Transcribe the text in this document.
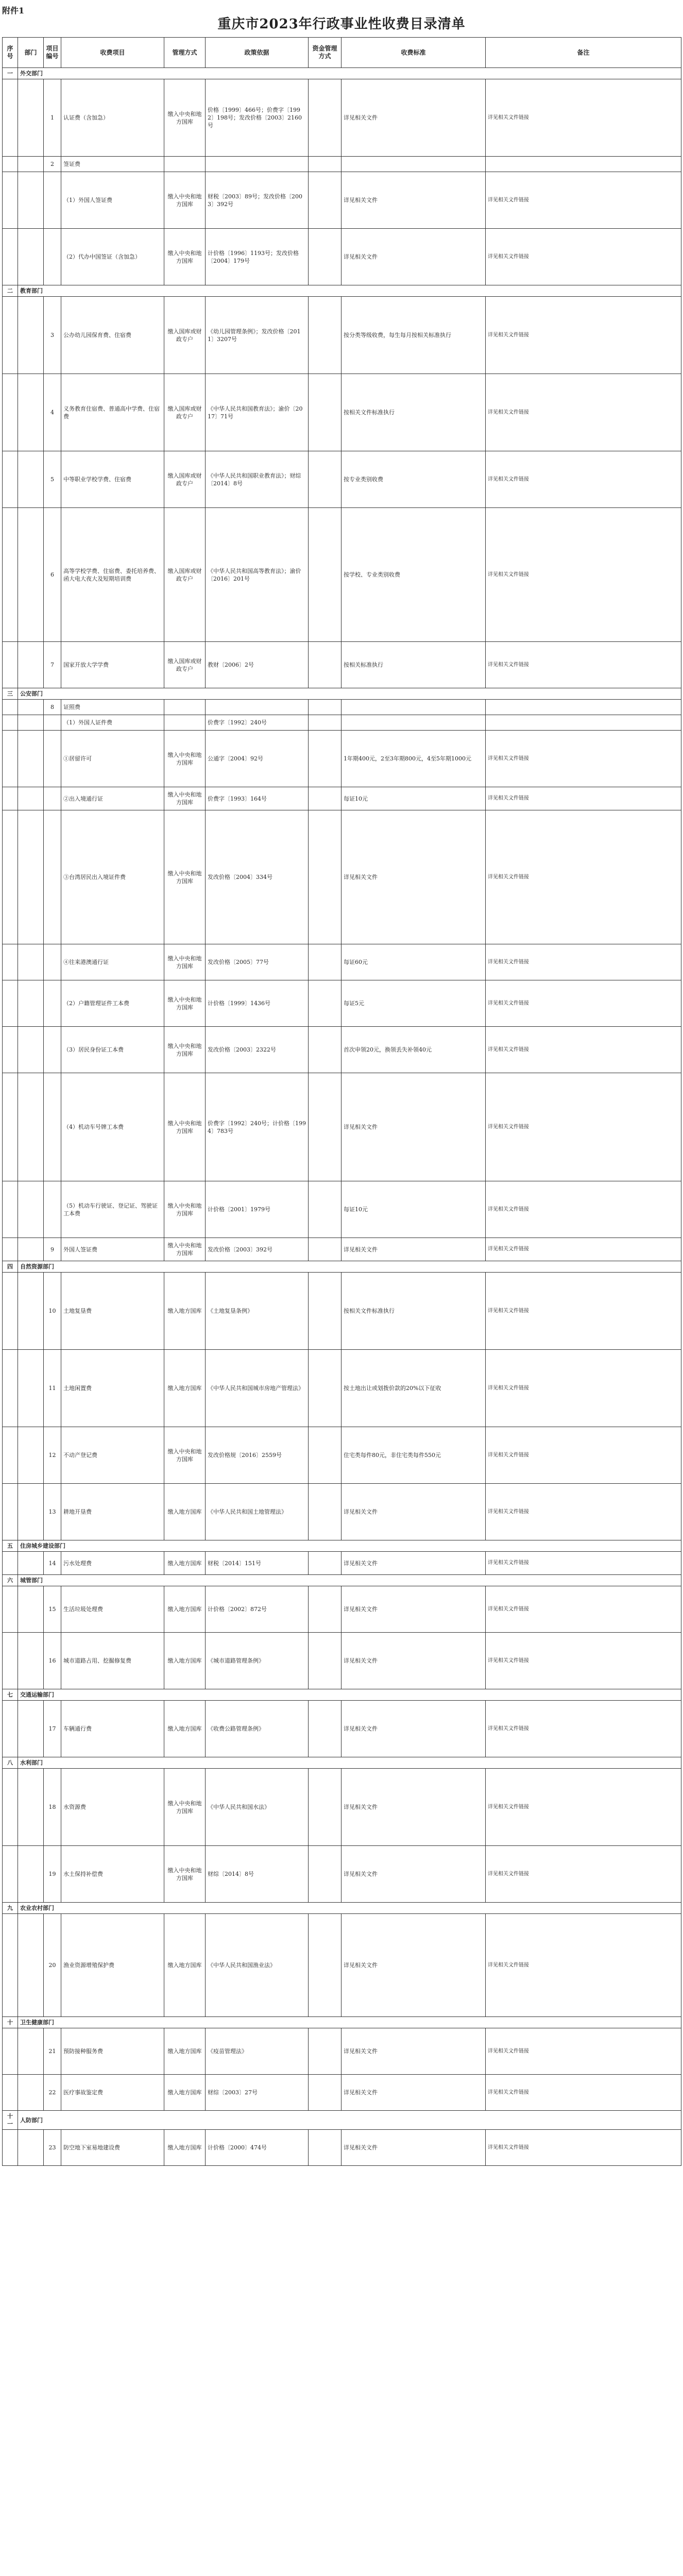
附件1
重庆市2023年行政事业性收费目录清单
序号	部门	项目编号	收费项目	管理方式	政策依据	资金管理方式	收费标准	备注
一	外交部门							
		1	认证费（含加急）	缴入中央和地方国库	价格〔1999〕466号；价费字〔1992〕198号；发改价格〔2003〕2160号		详见相关文件	详见相关文件链接
		2	签证费					
			（1）外国人签证费	缴入中央和地方国库	财税〔2003〕89号；发改价格〔2003〕392号		详见相关文件	详见相关文件链接
			（2）代办中国签证（含加急）	缴入中央和地方国库	计价格〔1996〕1193号；发改价格〔2004〕179号		详见相关文件	详见相关文件链接
二	教育部门							
		3	公办幼儿园保育费、住宿费	缴入国库或财政专户	《幼儿园管理条例》；发改价格〔2011〕3207号		按分类等级收费，每生每月按相关标准执行	详见相关文件链接
		4	义务教育住宿费、普通高中学费、住宿费	缴入国库或财政专户	《中华人民共和国教育法》；渝价〔2017〕71号		按相关文件标准执行	详见相关文件链接
		5	中等职业学校学费、住宿费	缴入国库或财政专户	《中华人民共和国职业教育法》；财综〔2014〕8号		按专业类别收费	详见相关文件链接
		6	高等学校学费、住宿费、委托培养费、函大电大夜大及短期培训费	缴入国库或财政专户	《中华人民共和国高等教育法》；渝价〔2016〕201号		按学校、专业类别收费	详见相关文件链接
		7	国家开放大学学费	缴入国库或财政专户	教财〔2006〕2号		按相关标准执行	详见相关文件链接
三	公安部门							
		8	证照费					
			（1）外国人证件费		价费字〔1992〕240号			
			①居留许可	缴入中央和地方国库	公通字〔2004〕92号		1年期400元，2至3年期800元，4至5年期1000元	详见相关文件链接
			②出入境通行证	缴入中央和地方国库	价费字〔1993〕164号		每证10元	详见相关文件链接
			③台湾居民出入境证件费	缴入中央和地方国库	发改价格〔2004〕334号		详见相关文件	详见相关文件链接
			④往来港澳通行证	缴入中央和地方国库	发改价格〔2005〕77号		每证60元	详见相关文件链接
			（2）户籍管理证件工本费	缴入中央和地方国库	计价格〔1999〕1436号		每证5元	详见相关文件链接
			（3）居民身份证工本费	缴入中央和地方国库	发改价格〔2003〕2322号		首次申领20元，换领丢失补领40元	详见相关文件链接
			（4）机动车号牌工本费	缴入中央和地方国库	价费字〔1992〕240号；计价格〔1994〕783号		详见相关文件	详见相关文件链接
			（5）机动车行驶证、登记证、驾驶证工本费	缴入中央和地方国库	计价格〔2001〕1979号		每证10元	详见相关文件链接
		9	外国人签证费	缴入中央和地方国库	发改价格〔2003〕392号		详见相关文件	详见相关文件链接
四	自然资源部门							
		10	土地复垦费	缴入地方国库	《土地复垦条例》		按相关文件标准执行	详见相关文件链接
		11	土地闲置费	缴入地方国库	《中华人民共和国城市房地产管理法》		按土地出让或划拨价款的20%以下征收	详见相关文件链接
		12	不动产登记费	缴入中央和地方国库	发改价格规〔2016〕2559号		住宅类每件80元，非住宅类每件550元	详见相关文件链接
		13	耕地开垦费	缴入地方国库	《中华人民共和国土地管理法》		详见相关文件	详见相关文件链接
五	住房城乡建设部门							
		14	污水处理费	缴入地方国库	财税〔2014〕151号		详见相关文件	详见相关文件链接
六	城管部门							
		15	生活垃圾处理费	缴入地方国库	计价格〔2002〕872号		详见相关文件	详见相关文件链接
		16	城市道路占用、挖掘修复费	缴入地方国库	《城市道路管理条例》		详见相关文件	详见相关文件链接
七	交通运输部门							
		17	车辆通行费	缴入地方国库	《收费公路管理条例》		详见相关文件	详见相关文件链接
八	水利部门							
		18	水资源费	缴入中央和地方国库	《中华人民共和国水法》		详见相关文件	详见相关文件链接
		19	水土保持补偿费	缴入中央和地方国库	财综〔2014〕8号		详见相关文件	详见相关文件链接
九	农业农村部门							
		20	渔业资源增殖保护费	缴入地方国库	《中华人民共和国渔业法》		详见相关文件	详见相关文件链接
十	卫生健康部门							
		21	预防接种服务费	缴入地方国库	《疫苗管理法》		详见相关文件	详见相关文件链接
		22	医疗事故鉴定费	缴入地方国库	财综〔2003〕27号		详见相关文件	详见相关文件链接
十一	人防部门							
		23	防空地下室易地建设费	缴入地方国库	计价格〔2000〕474号		详见相关文件	详见相关文件链接
